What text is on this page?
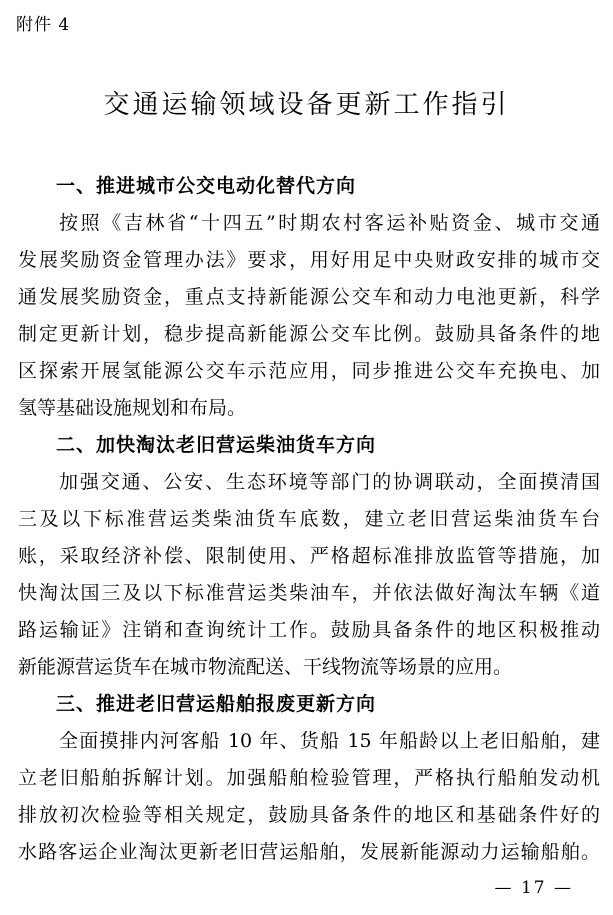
附件 4
交通运输领域设备更新工作指引
一、推进城市公交电动化替代方向
按照《吉林省“十四五”时期农村客运补贴资金、城市交通
发展奖励资金管理办法》要求，用好用足中央财政安排的城市交
通发展奖励资金，重点支持新能源公交车和动力电池更新，科学
制定更新计划，稳步提高新能源公交车比例。鼓励具备条件的地
区探索开展氢能源公交车示范应用，同步推进公交车充换电、加
氢等基础设施规划和布局。
二、加快淘汰老旧营运柴油货车方向
加强交通、公安、生态环境等部门的协调联动，全面摸清国
三及以下标准营运类柴油货车底数，建立老旧营运柴油货车台
账，采取经济补偿、限制使用、严格超标准排放监管等措施，加
快淘汰国三及以下标准营运类柴油车，并依法做好淘汰车辆《道
路运输证》注销和查询统计工作。鼓励具备条件的地区积极推动
新能源营运货车在城市物流配送、干线物流等场景的应用。
三、推进老旧营运船舶报废更新方向
全面摸排内河客船 10 年、货船 15 年船龄以上老旧船舶，建
立老旧船舶拆解计划。加强船舶检验管理，严格执行船舶发动机
排放初次检验等相关规定，鼓励具备条件的地区和基础条件好的
水路客运企业淘汰更新老旧营运船舶，发展新能源动力运输船舶。
— 17 —
